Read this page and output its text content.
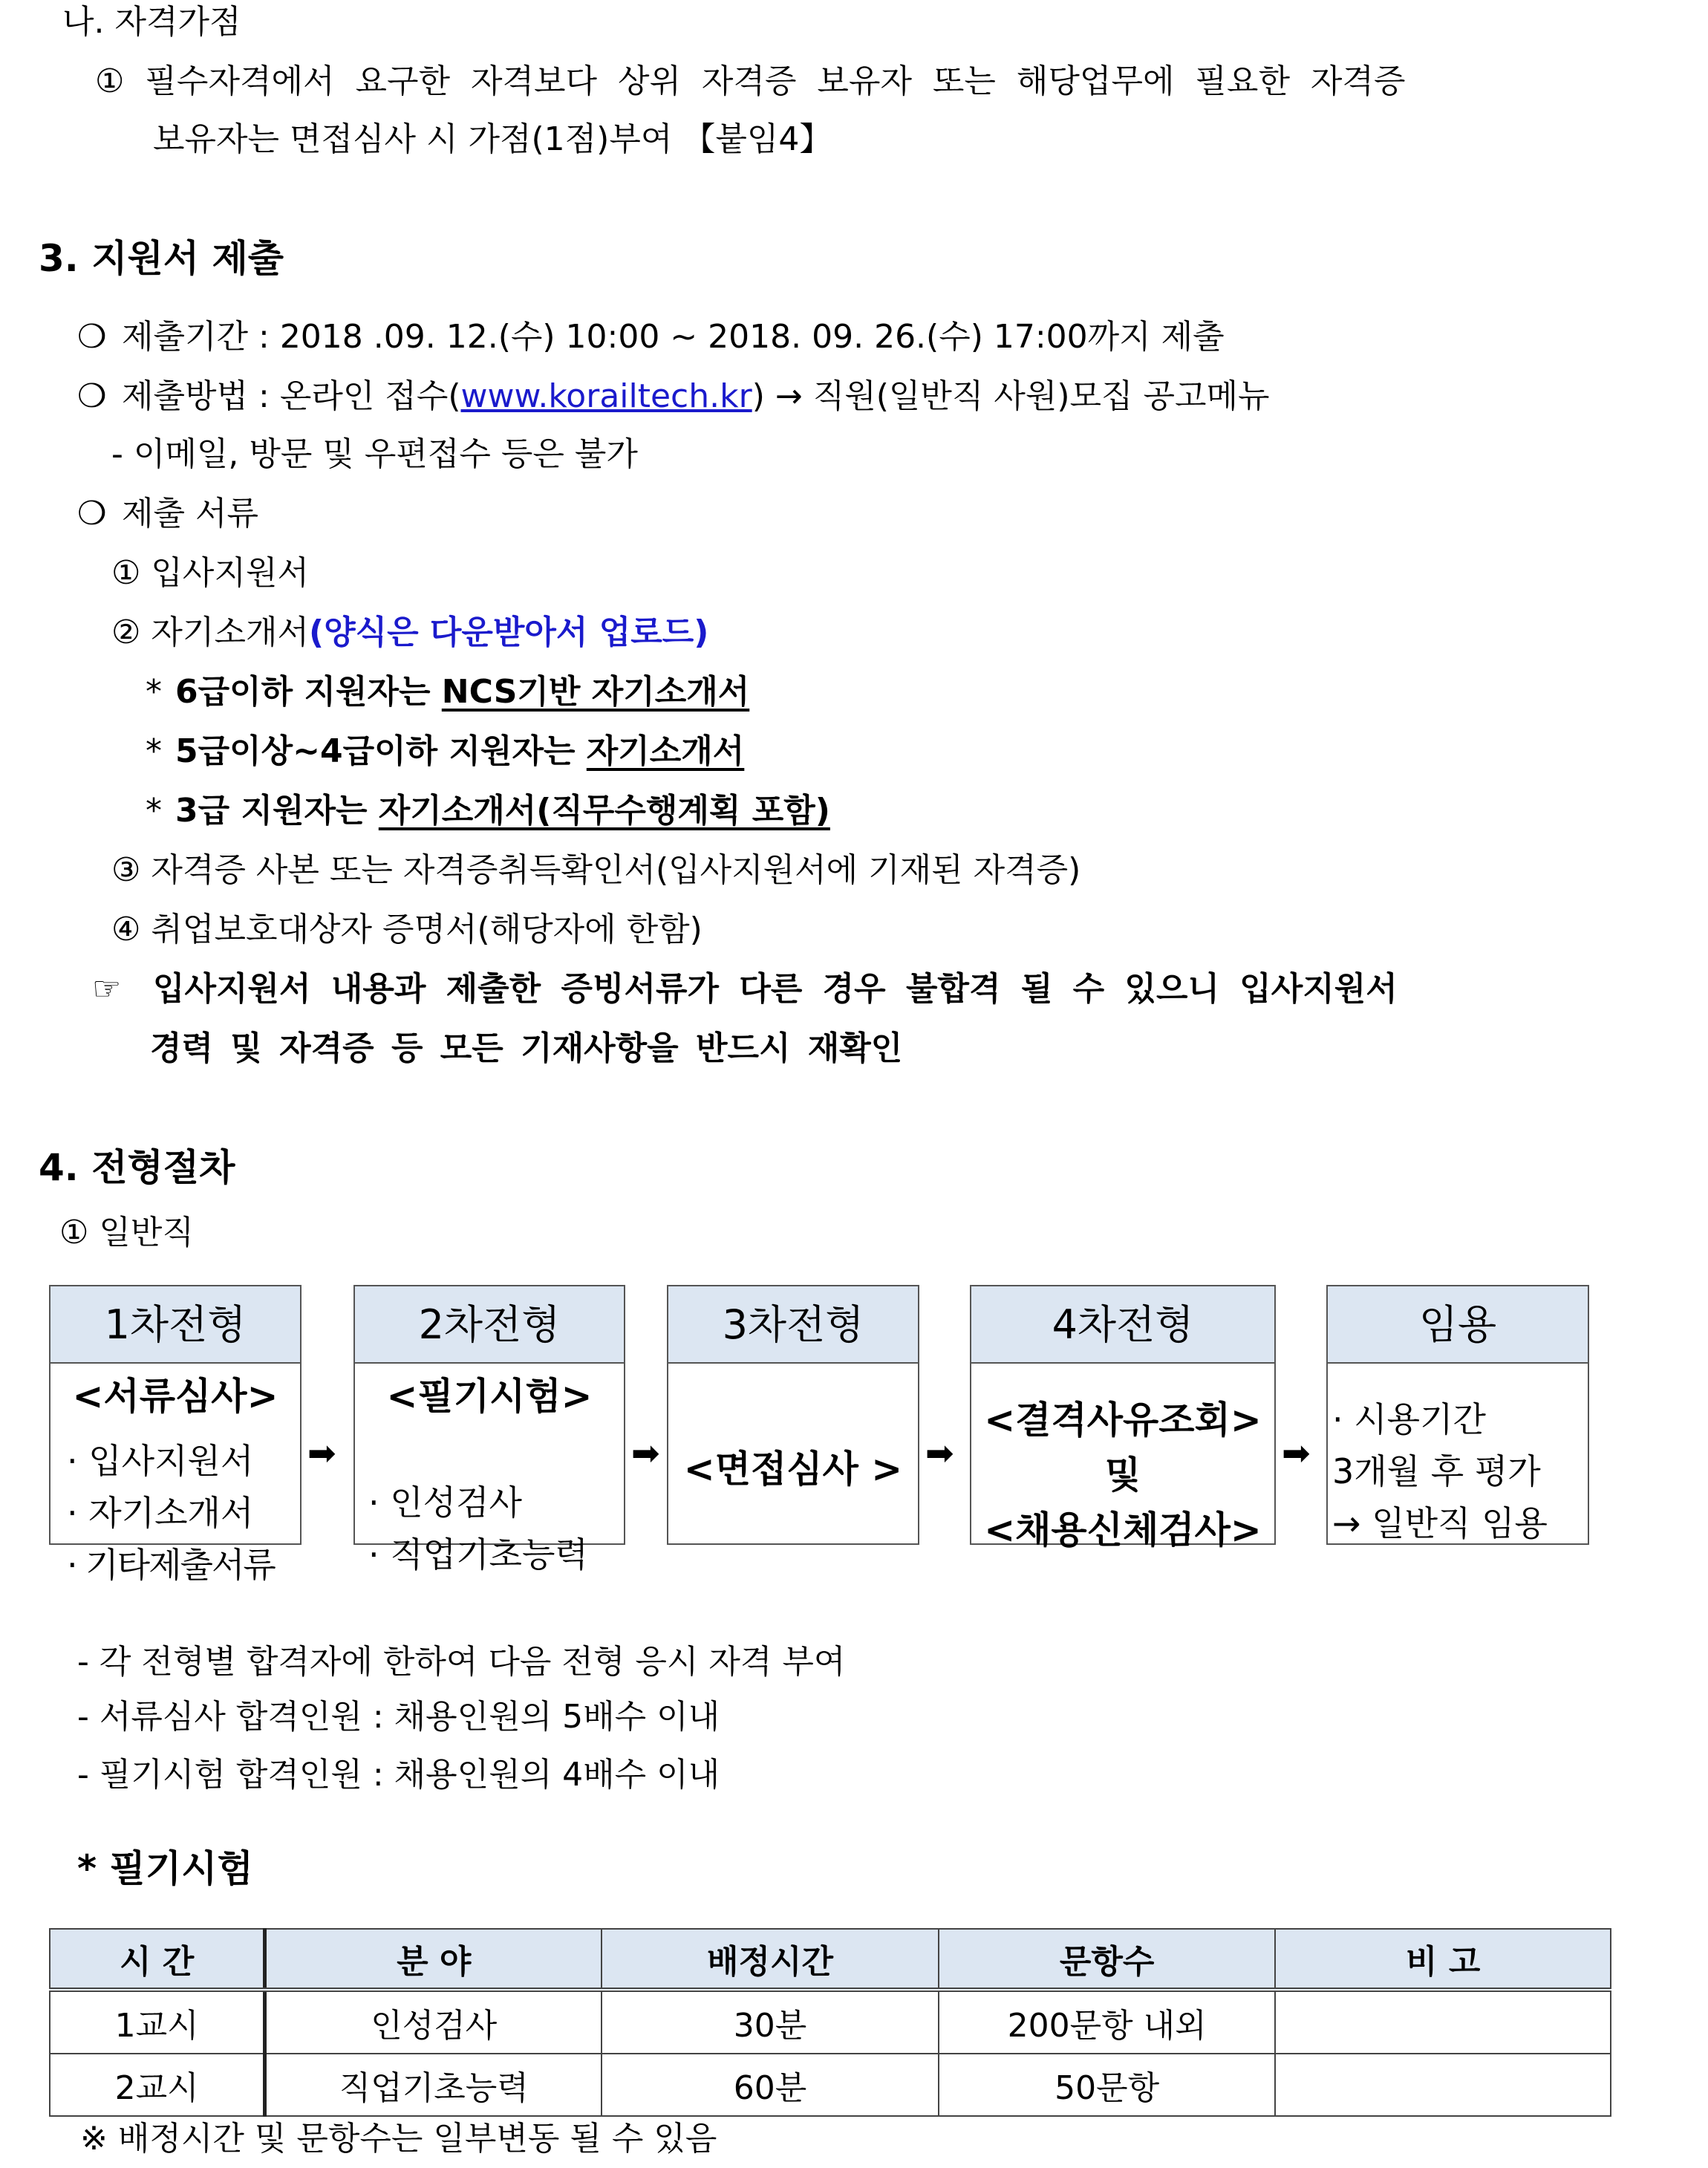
나. 자격가점
① 필수자격에서 요구한 자격보다 상위 자격증 보유자 또는 해당업무에 필요한 자격증
보유자는 면접심사 시 가점(1점)부여 【붙임4】
3. 지원서 제출
❍ 제출기간 : 2018 .09. 12.(수) 10:00 ~ 2018. 09. 26.(수) 17:00까지 제출
❍ 제출방법 : 온라인 접수(www.korailtech.kr) → 직원(일반직 사원)모집 공고메뉴
- 이메일, 방문 및 우편접수 등은 불가
❍ 제출 서류
① 입사지원서
② 자기소개서(양식은 다운받아서 업로드)
* 6급이하 지원자는 NCS기반 자기소개서
* 5급이상~4급이하 지원자는 자기소개서
* 3급 지원자는 자기소개서(직무수행계획 포함)
③ 자격증 사본 또는 자격증취득확인서(입사지원서에 기재된 자격증)
④ 취업보호대상자 증명서(해당자에 한함)
☞ 입사지원서 내용과 제출한 증빙서류가 다른 경우 불합격 될 수 있으니 입사지원서
경력 및 자격증 등 모든 기재사항을 반드시 재확인
4. 전형절차
① 일반직
1차전형
<서류심사>
· 입사지원서
· 자기소개서
· 기타제출서류
➡
2차전형
<필기시험>
· 인성검사
· 직업기초능력
➡
3차전형
<면접심사 > ➡
4차전형
<결격사유조회>
및
<채용신체검사>
➡
임용
· 시용기간
3개월 후 평가
→ 일반직 임용
- 각 전형별 합격자에 한하여 다음 전형 응시 자격 부여
- 서류심사 합격인원 : 채용인원의 5배수 이내
- 필기시험 합격인원 : 채용인원의 4배수 이내
* 필기시험
시 간	분 야	배정시간	문항수	비 고
1교시	인성검사	30분	200문항 내외	
2교시	직업기초능력	60분	50문항	
※ 배정시간 및 문항수는 일부변동 될 수 있음
